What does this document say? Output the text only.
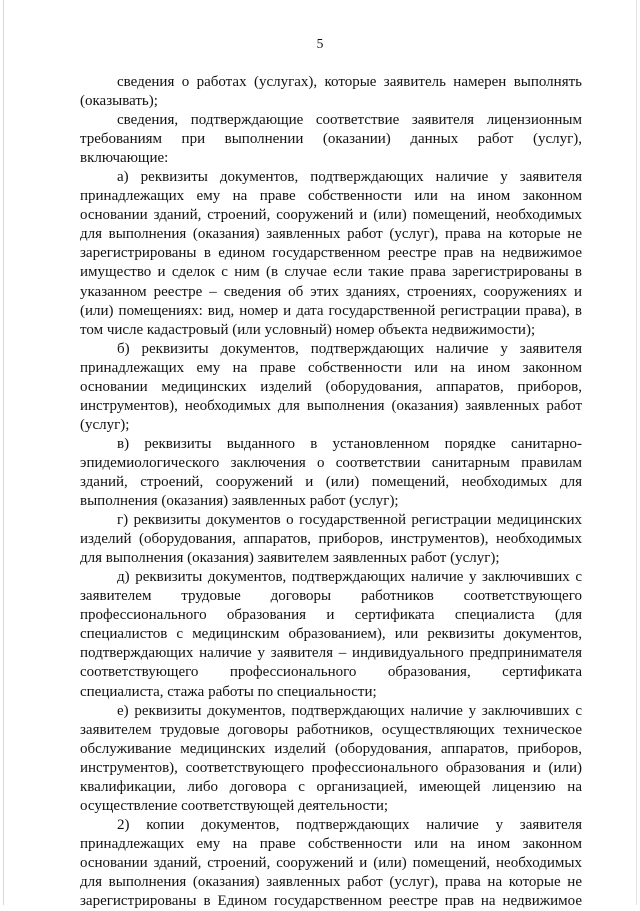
5
сведения о работах (услугах), которые заявитель намерен выполнять
(оказывать);
сведения, подтверждающие соответствие заявителя лицензионным
требованиям при выполнении (оказании) данных работ (услуг),
включающие:
а) реквизиты документов, подтверждающих наличие у заявителя
принадлежащих ему на праве собственности или на ином законном
основании зданий, строений, сооружений и (или) помещений, необходимых
для выполнения (оказания) заявленных работ (услуг), права на которые не
зарегистрированы в едином государственном реестре прав на недвижимое
имущество и сделок с ним (в случае если такие права зарегистрированы в
указанном реестре – сведения об этих зданиях, строениях, сооружениях и
(или) помещениях: вид, номер и дата государственной регистрации права), в
том числе кадастровый (или условный) номер объекта недвижимости);
б) реквизиты документов, подтверждающих наличие у заявителя
принадлежащих ему на праве собственности или на ином законном
основании медицинских изделий (оборудования, аппаратов, приборов,
инструментов), необходимых для выполнения (оказания) заявленных работ
(услуг);
в) реквизиты выданного в установленном порядке санитарно-
эпидемиологического заключения о соответствии санитарным правилам
зданий, строений, сооружений и (или) помещений, необходимых для
выполнения (оказания) заявленных работ (услуг);
г) реквизиты документов о государственной регистрации медицинских
изделий (оборудования, аппаратов, приборов, инструментов), необходимых
для выполнения (оказания) заявителем заявленных работ (услуг);
д) реквизиты документов, подтверждающих наличие у заключивших с
заявителем трудовые договоры работников соответствующего
профессионального образования и сертификата специалиста (для
специалистов с медицинским образованием), или реквизиты документов,
подтверждающих наличие у заявителя – индивидуального предпринимателя
соответствующего профессионального образования, сертификата
специалиста, стажа работы по специальности;
е) реквизиты документов, подтверждающих наличие у заключивших с
заявителем трудовые договоры работников, осуществляющих техническое
обслуживание медицинских изделий (оборудования, аппаратов, приборов,
инструментов), соответствующего профессионального образования и (или)
квалификации, либо договора с организацией, имеющей лицензию на
осуществление соответствующей деятельности;
2) копии документов, подтверждающих наличие у заявителя
принадлежащих ему на праве собственности или на ином законном
основании зданий, строений, сооружений и (или) помещений, необходимых
для выполнения (оказания) заявленных работ (услуг), права на которые не
зарегистрированы в Едином государственном реестре прав на недвижимое
